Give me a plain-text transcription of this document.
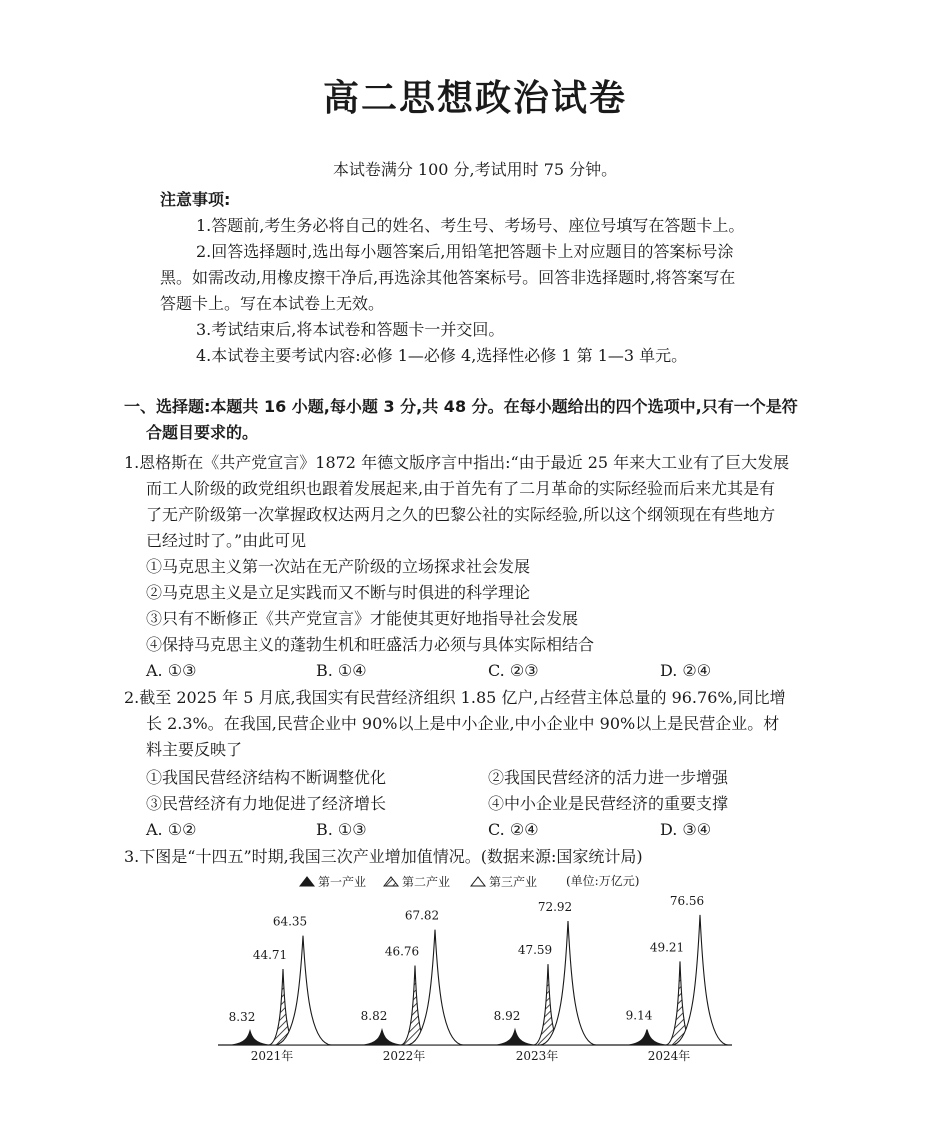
高二思想政治试卷
本试卷满分 100 分,考试用时 75 分钟。
注意事项:
1.答题前,考生务必将自己的姓名、考生号、考场号、座位号填写在答题卡上。
2.回答选择题时,选出每小题答案后,用铅笔把答题卡上对应题目的答案标号涂
黑。如需改动,用橡皮擦干净后,再选涂其他答案标号。回答非选择题时,将答案写在
答题卡上。写在本试卷上无效。
3.考试结束后,将本试卷和答题卡一并交回。
4.本试卷主要考试内容:必修 1—必修 4,选择性必修 1 第 1—3 单元。
一、选择题:本题共 16 小题,每小题 3 分,共 48 分。在每小题给出的四个选项中,只有一个是符
合题目要求的。
1.恩格斯在《共产党宣言》1872 年德文版序言中指出:“由于最近 25 年来大工业有了巨大发展
而工人阶级的政党组织也跟着发展起来,由于首先有了二月革命的实际经验而后来尤其是有
了无产阶级第一次掌握政权达两月之久的巴黎公社的实际经验,所以这个纲领现在有些地方
已经过时了。”由此可见
①马克思主义第一次站在无产阶级的立场探求社会发展
②马克思主义是立足实践而又不断与时俱进的科学理论
③只有不断修正《共产党宣言》才能使其更好地指导社会发展
④保持马克思主义的蓬勃生机和旺盛活力必须与具体实际相结合
A. ①③	B. ①④	C. ②③	D. ②④
2.截至 2025 年 5 月底,我国实有民营经济组织 1.85 亿户,占经营主体总量的 96.76%,同比增
长 2.3%。在我国,民营企业中 90%以上是中小企业,中小企业中 90%以上是民营企业。材
料主要反映了
①我国民营经济结构不断调整优化	②我国民营经济的活力进一步增强
③民营经济有力地促进了经济增长	④中小企业是民营经济的重要支撑
A. ①②	B. ①③	C. ②④	D. ③④
3.下图是“十四五”时期,我国三次产业增加值情况。(数据来源:国家统计局)
第一产业	第二产业	第三产业 (单位:万亿元)
8.32
44.71
64.35
2021年
8.82
46.76
67.82
2022年
8.92
47.59
72.92
2023年
9.14
49.21
76.56
2024年
